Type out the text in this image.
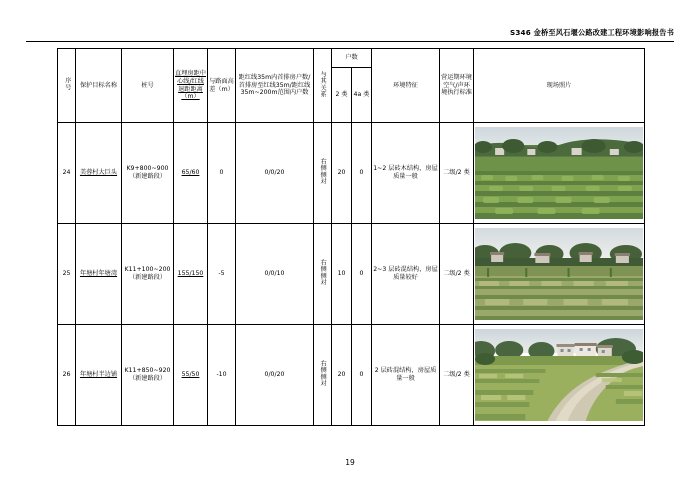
S346 金桥至风石堰公路改建工程环境影响报告书
序号	保护目标名称	桩号	直埋房距中心线/红线退距距离（m）	与路面高差（m）	距红线35m内首排房户数/首排房至红线35m/距红线35m~200m范围内户数	与其关系	户数		环境特征	营运期环境空气/声环境执行标准	现场照片
							2 类	4a 类			
24	美蓉村大巨头	K9+800~900（新建路段）	65/60	0	0/0/20	右侧侧对	20	0	1~2 层砖木结构，房屋质量一般	二级/2 类	

25	年塘村年塘湾	K11+100~200（新建路段）	155/150	-5	0/0/10	右侧侧对	10	0	2~3 层砖混结构，房屋质量较好	二级/2 类	

26	年塘村半边铺	K11+850~920（新建路段）	55/50	-10	0/0/20	右侧侧对	20	0	2 层砖混结构，房屋质量一般	二级/2 类	
19
